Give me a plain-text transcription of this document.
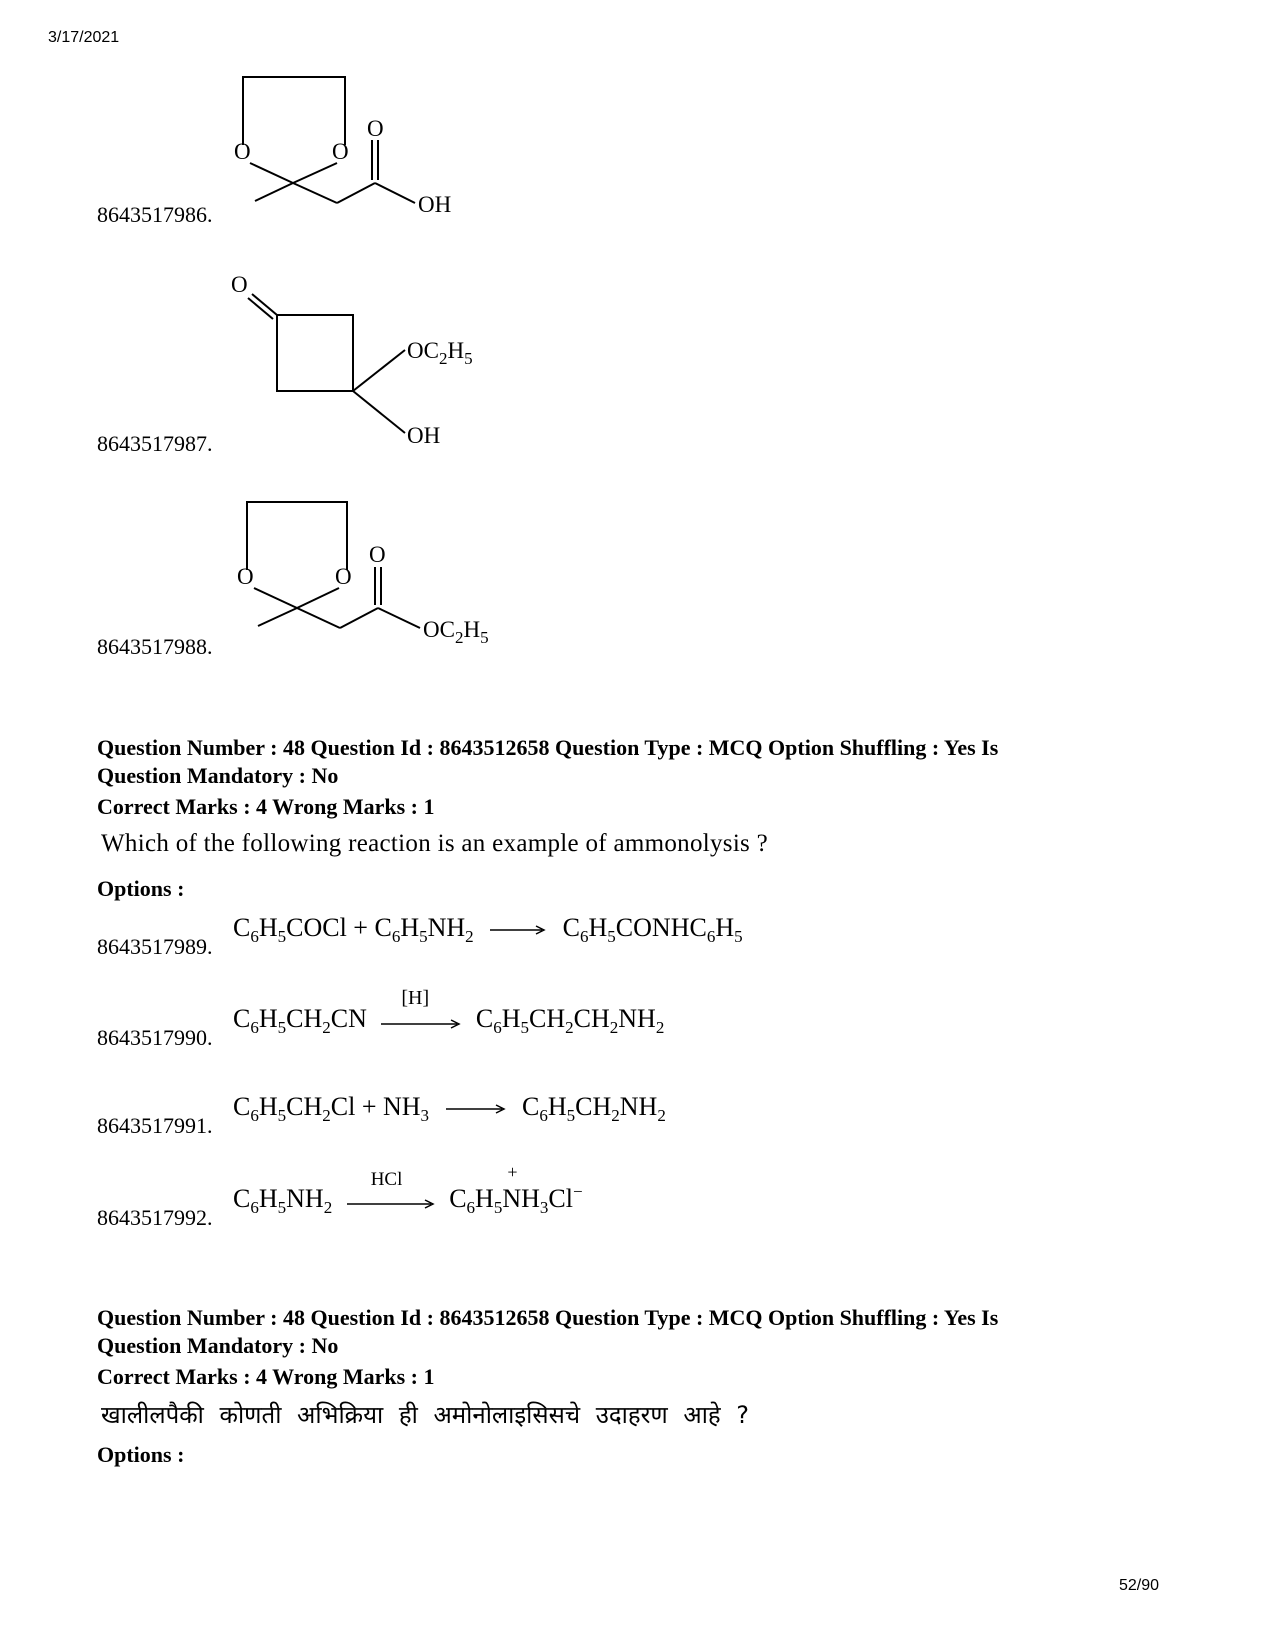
3/17/2021
8643517986.
O	O
O
OH
8643517987.
O
$OC_2H_5$
OH
8643517988.
O	O
O
$OC_2H_5$
Question Number : 48 Question Id : 8643512658 Question Type : MCQ Option Shuffling : Yes Is
Question Mandatory : No
Correct Marks : 4 Wrong Marks : 1
Which of the following reaction is an example of ammonolysis ?
Options :
8643517989.
$C_6H_5COCl + C_6H_5NH_2$ → $C_6H_5CONHC_6H_5$
8643517990.
$C_6H_5CH_2CN$
[H]
$C_6H_5CH_2CH_2NH_2$
8643517991.
$C_6H_5CH_2Cl + NH_3 \to C_6H_5CH_2NH_2$
8643517992.
$C_6H_5NH_2$
HCl
$C_6H_5N$
+
$H_3Cl^-$
Question Number : 48 Question Id : 8643512658 Question Type : MCQ Option Shuffling : Yes Is
Question Mandatory : No
Correct Marks : 4 Wrong Marks : 1
खालीलपैकी कोणती अभिक्रिया ही अमोनोलाइसिसचे उदाहरण आहे ?
Options :
52/90
